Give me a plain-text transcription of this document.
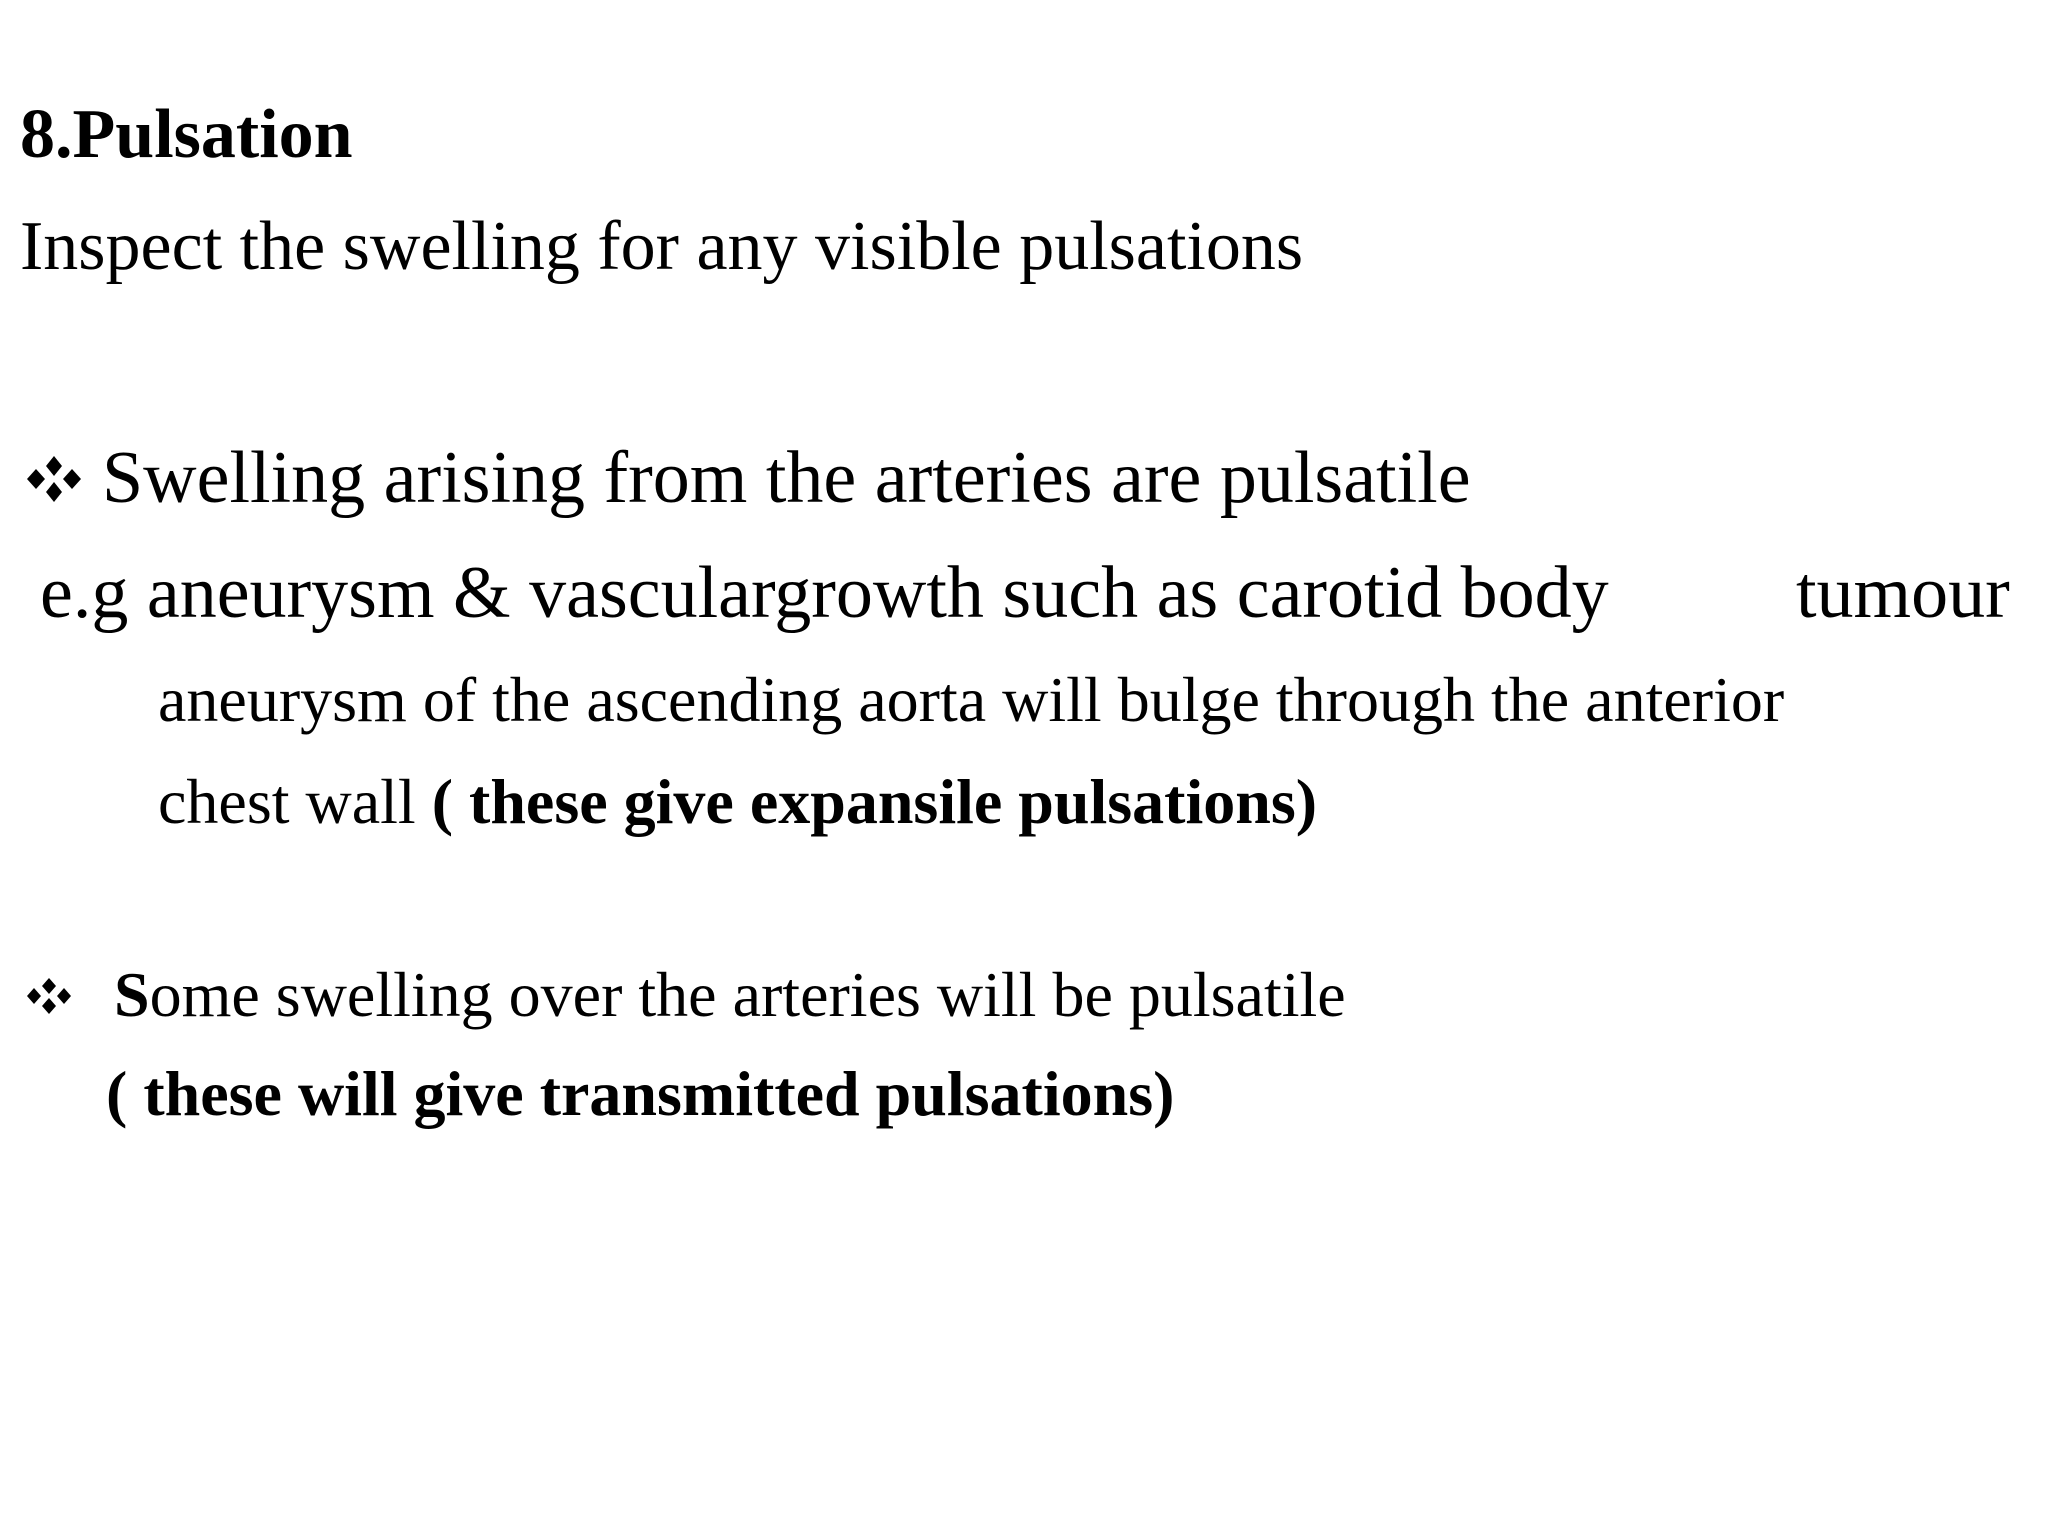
8.Pulsation
Inspect the swelling for any visible pulsations
Swelling arising from the arteries are pulsatile
e.g aneurysm & vasculargrowth such as carotid body	tumour
aneurysm of the ascending aorta will bulge through the anterior
chest wall ( these give expansile pulsations)
Some swelling over the arteries will be pulsatile
( these will give transmitted pulsations)
